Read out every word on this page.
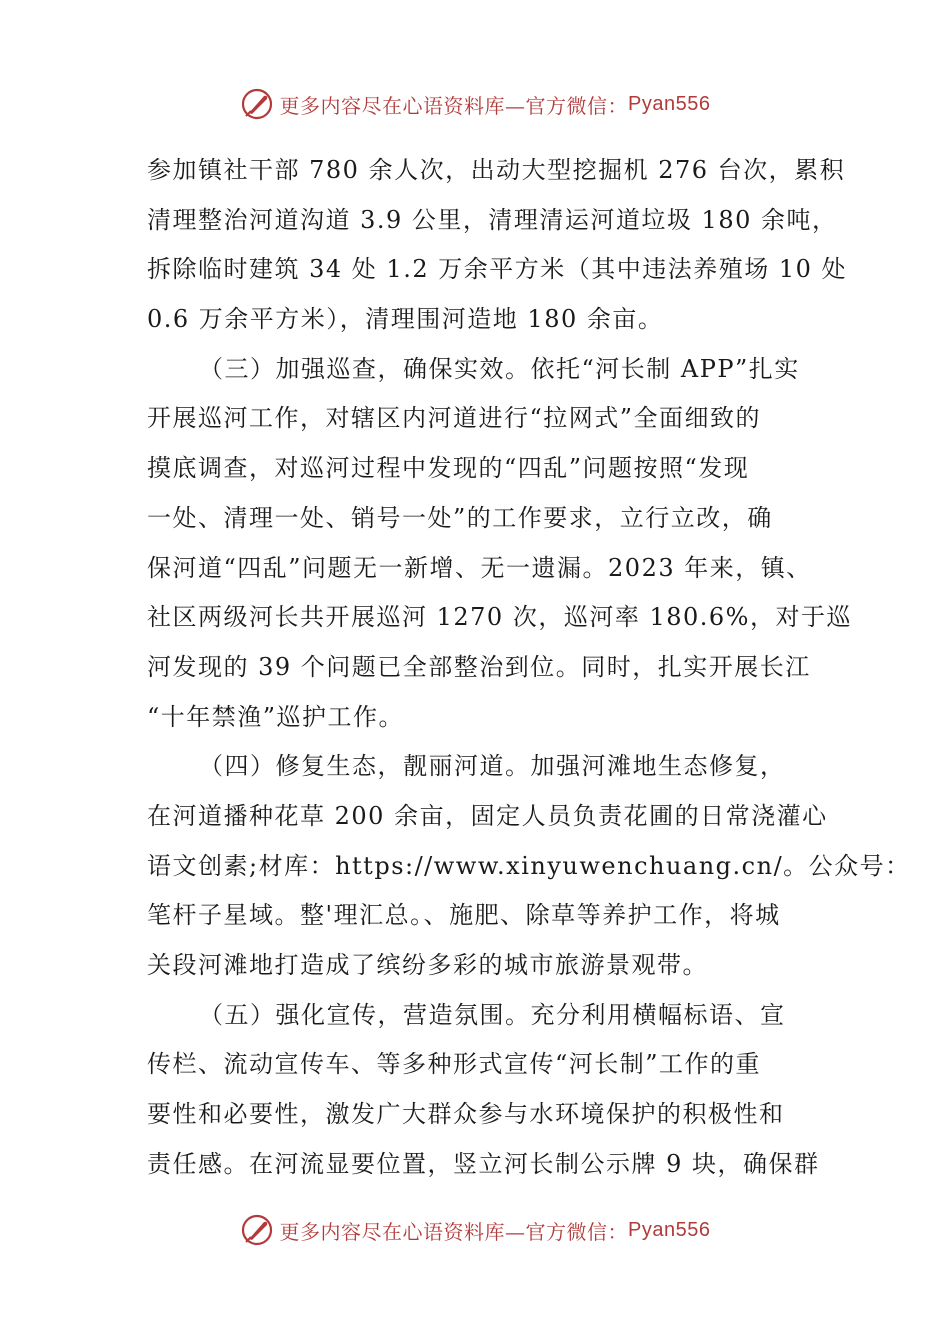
更多内容尽在心语资料库—官方微信： Pyan556
参加镇社干部 780 余人次，出动大型挖掘机 276 台次，累积
清理整治河道沟道 3.9 公里，清理清运河道垃圾 180 余吨，
拆除临时建筑 34 处 1.2 万余平方米（其中违法养殖场 10 处
0.6 万余平方米），清理围河造地 180 余亩。
（三）加强巡查，确保实效。依托“河长制 APP”扎实
开展巡河工作，对辖区内河道进行“拉网式”全面细致的
摸底调查，对巡河过程中发现的“四乱”问题按照“发现
一处、清理一处、销号一处”的工作要求，立行立改，确
保河道“四乱”问题无一新增、无一遗漏。2023 年来，镇、
社区两级河长共开展巡河 1270 次，巡河率 180.6%，对于巡
河发现的 39 个问题已全部整治到位。同时，扎实开展长江
“十年禁渔”巡护工作。
（四）修复生态，靓丽河道。加强河滩地生态修复，
在河道播种花草 200 余亩，固定人员负责花圃的日常浇灌心
语文创素;材库：https://www.xinyuwenchuang.cn/。公众号：
笔杆子星域。整'理汇总。、施肥、除草等养护工作，将城
关段河滩地打造成了缤纷多彩的城市旅游景观带。
（五）强化宣传，营造氛围。充分利用横幅标语、宣
传栏、流动宣传车、等多种形式宣传“河长制”工作的重
要性和必要性，激发广大群众参与水环境保护的积极性和
责任感。在河流显要位置，竖立河长制公示牌 9 块，确保群
更多内容尽在心语资料库—官方微信： Pyan556
